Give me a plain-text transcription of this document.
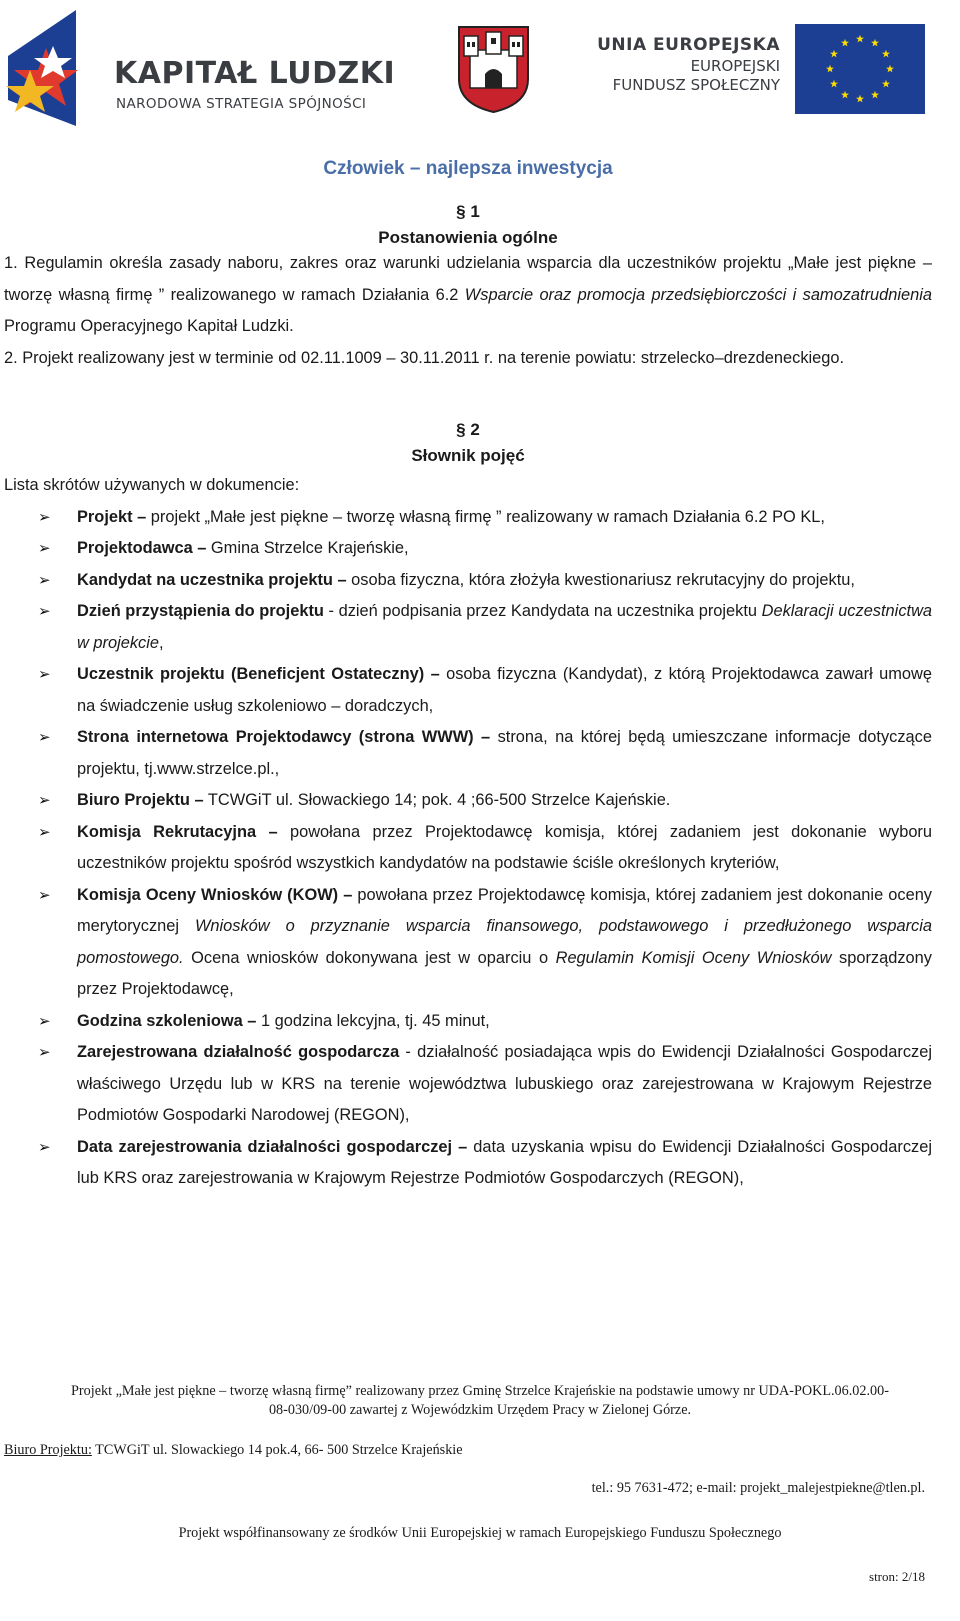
KAPITAŁ LUDZKI
NARODOWA STRATEGIA SPÓJNOŚCI
UNIA EUROPEJSKA
EUROPEJSKI
FUNDUSZ SPOŁECZNY
Człowiek – najlepsza inwestycja
§ 1
Postanowienia ogólne

1. Regulamin określa zasady naboru, zakres oraz warunki udzielania wsparcia dla uczestników projektu „Małe jest piękne – tworzę własną firmę ” realizowanego w ramach Działania 6.2 Wsparcie oraz promocja przedsiębiorczości i samozatrudnienia Programu Operacyjnego Kapitał Ludzki.

2. Projekt realizowany jest w terminie od 02.11.1009 – 30.11.2011 r. na terenie powiatu: strzelecko–drezdeneckiego.

§ 2
Słownik pojęć
Lista skrótów używanych w dokumencie:
➢ Projekt – projekt „Małe jest piękne – tworzę własną firmę ” realizowany w ramach Działania 6.2 PO KL,
➢ Projektodawca – Gmina Strzelce Krajeńskie,
➢ Kandydat na uczestnika projektu – osoba fizyczna, która złożyła kwestionariusz rekrutacyjny do projektu,
➢ Dzień przystąpienia do projektu - dzień podpisania przez Kandydata na uczestnika projektu Deklaracji uczestnictwa w projekcie,
➢ Uczestnik projektu (Beneficjent Ostateczny) – osoba fizyczna (Kandydat), z którą Projektodawca zawarł umowę na świadczenie usług szkoleniowo – doradczych,
➢ Strona internetowa Projektodawcy (strona WWW) – strona, na której będą umieszczane informacje dotyczące projektu, tj.www.strzelce.pl.,
➢ Biuro Projektu – TCWGiT ul. Słowackiego 14; pok. 4 ;66-500 Strzelce Kajeńskie.
➢ Komisja Rekrutacyjna – powołana przez Projektodawcę komisja, której zadaniem jest dokonanie wyboru uczestników projektu spośród wszystkich kandydatów na podstawie ściśle określonych kryteriów,
➢ Komisja Oceny Wniosków (KOW) – powołana przez Projektodawcę komisja, której zadaniem jest dokonanie oceny merytorycznej Wniosków o przyznanie wsparcia finansowego, podstawowego i przedłużonego wsparcia pomostowego. Ocena wniosków dokonywana jest w oparciu o Regulamin Komisji Oceny Wniosków sporządzony przez Projektodawcę,
➢ Godzina szkoleniowa – 1 godzina lekcyjna, tj. 45 minut,
➢ Zarejestrowana działalność gospodarcza - działalność posiadająca wpis do Ewidencji Działalności Gospodarczej właściwego Urzędu lub w KRS na terenie województwa lubuskiego oraz zarejestrowana w Krajowym Rejestrze Podmiotów Gospodarki Narodowej (REGON),
➢ Data zarejestrowania działalności gospodarczej – data uzyskania wpisu do Ewidencji Działalności Gospodarczej lub KRS oraz zarejestrowania w Krajowym Rejestrze Podmiotów Gospodarczych (REGON),
Projekt „Małe jest piękne – tworzę własną firmę” realizowany przez Gminę Strzelce Krajeńskie na podstawie umowy nr UDA-POKL.06.02.00-08-030/09-00 zawartej z Wojewódzkim Urzędem Pracy w Zielonej Górze.
Biuro Projektu: TCWGiT ul. Slowackiego 14 pok.4, 66- 500 Strzelce Krajeńskie
tel.: 95 7631-472; e-mail: projekt_malejestpiekne@tlen.pl.
Projekt współfinansowany ze środków Unii Europejskiej w ramach Europejskiego Funduszu Społecznego
stron: 2/18
